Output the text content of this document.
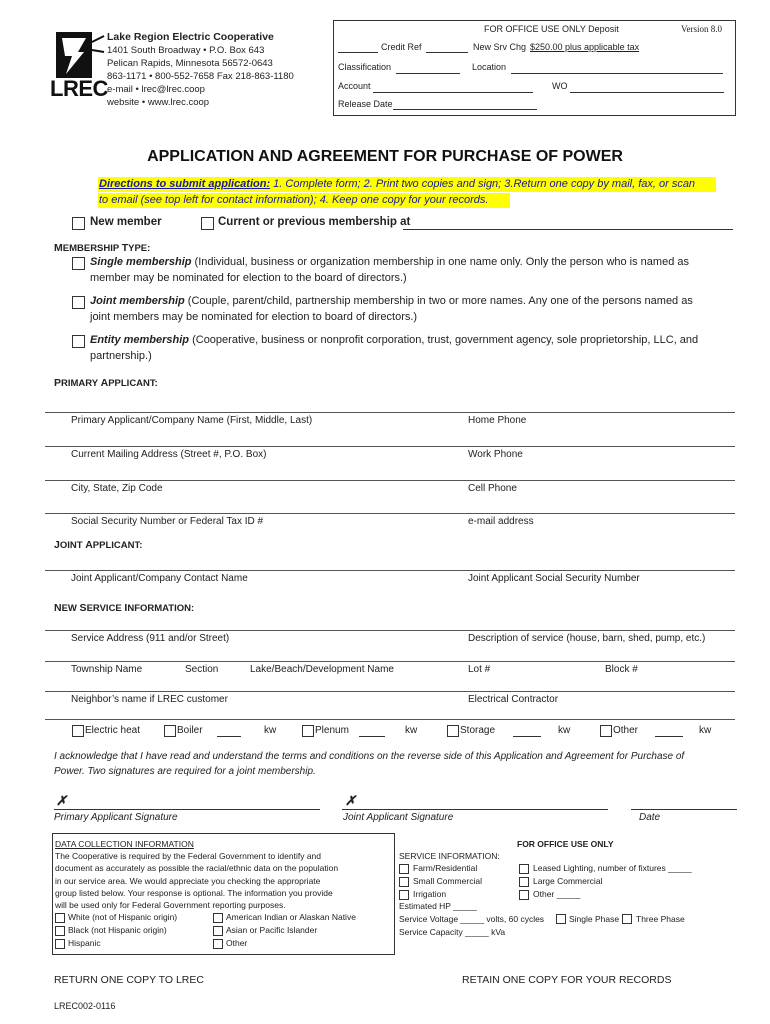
LREC
Lake Region Electric Cooperative
1401 South Broadway • P.O. Box 643
Pelican Rapids, Minnesota 56572-0643
863-1171 • 800-552-7658 Fax 218-863-1180
e-mail • lrec@lrec.coop
website • www.lrec.coop
FOR OFFICE USE ONLY Deposit	Version 8.0
Credit Ref	New Srv Chg $250.00 plus applicable tax
Classification	Location
Account	WO
Release Date
APPLICATION AND AGREEMENT FOR PURCHASE OF POWER
Directions to submit application: 1. Complete form; 2. Print two copies and sign; 3.Return one copy by mail, fax, or scan
to email (see top left for contact information); 4. Keep one copy for your records.
New member	Current or previous membership at
MEMBERSHIP TYPE:
Single membership (Individual, business or organization membership in one name only. Only the person who is named as
member may be nominated for election to the board of directors.)
Joint membership (Couple, parent/child, partnership membership in two or more names. Any one of the persons named as
joint members may be nominated for election to board of directors.)
Entity membership (Cooperative, business or nonprofit corporation, trust, government agency, sole proprietorship, LLC, and
partnership.)
PRIMARY APPLICANT:
Primary Applicant/Company Name (First, Middle, Last)	Home Phone
Current Mailing Address (Street #, P.O. Box)	Work Phone
City, State, Zip Code	Cell Phone
Social Security Number or Federal Tax ID #	e-mail address
JOINT APPLICANT:
Joint Applicant/Company Contact Name	Joint Applicant Social Security Number
NEW SERVICE INFORMATION:
Service Address (911 and/or Street)	Description of service (house, barn, shed, pump, etc.)
Township Name	Section	Lake/Beach/Development Name	Lot #	Block #
Neighbor’s name if LREC customer	Electrical Contractor
Electric heat	Boiler	kw	Plenum	kw	Storage	kw	Other	kw
I acknowledge that I have read and understand the terms and conditions on the reverse side of this Application and Agreement for Purchase of
Power. Two signatures are required for a joint membership.
✗
Primary Applicant Signature
✗
Joint Applicant Signature	Date
DATA COLLECTION INFORMATION
The Cooperative is required by the Federal Government to identify and
document as accurately as possible the racial/ethnic data on the population
in our service area. We would appreciate you checking the appropriate
group listed below. Your response is optional. The information you provide
will be used only for Federal Government reporting purposes.
White (not of Hispanic origin)
Black (not Hispanic origin)
Hispanic
American Indian or Alaskan Native
Asian or Pacific Islander
Other
FOR OFFICE USE ONLY
SERVICE INFORMATION:
Farm/Residential
Small Commercial
Irrigation
Estimated HP _____
Service Voltage _____ volts, 60 cycles	Single Phase Three Phase
Service Capacity _____ kVa
Leased Lighting, number of fixtures _____
Large Commercial
Other _____
RETURN ONE COPY TO LREC	RETAIN ONE COPY FOR YOUR RECORDS
LREC002-0116
